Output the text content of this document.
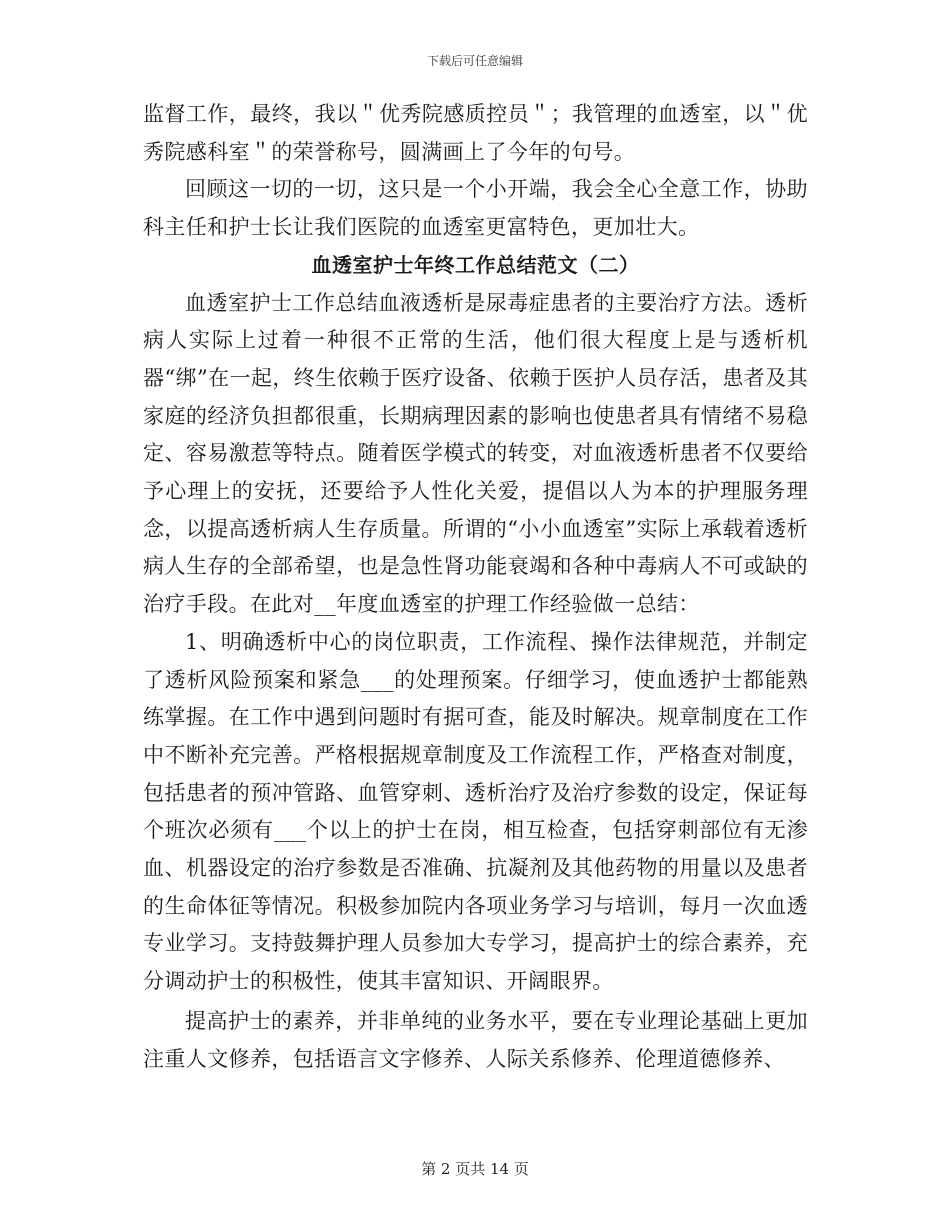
下载后可任意编辑

监督工作，最终，我以＂优秀院感质控员＂；我管理的血透室，以＂优秀院感科室＂的荣誉称号，圆满画上了今年的句号。

回顾这一切的一切，这只是一个小开端，我会全心全意工作，协助科主任和护士长让我们医院的血透室更富特色，更加壮大。

血透室护士年终工作总结范文（二）

血透室护士工作总结血液透析是尿毒症患者的主要治疗方法。透析病人实际上过着一种很不正常的生活，他们很大程度上是与透析机器“绑”在一起，终生依赖于医疗设备、依赖于医护人员存活，患者及其家庭的经济负担都很重，长期病理因素的影响也使患者具有情绪不易稳定、容易激惹等特点。随着医学模式的转变，对血液透析患者不仅要给予心理上的安抚，还要给予人性化关爱，提倡以人为本的护理服务理念，以提高透析病人生存质量。所谓的“小小血透室”实际上承载着透析病人生存的全部希望，也是急性肾功能衰竭和各种中毒病人不可或缺的治疗手段。在此对__年度血透室的护理工作经验做一总结：

1、明确透析中心的岗位职责，工作流程、操作法律规范，并制定了透析风险预案和紧急___的处理预案。仔细学习，使血透护士都能熟练掌握。在工作中遇到问题时有据可查，能及时解决。规章制度在工作中不断补充完善。严格根据规章制度及工作流程工作，严格查对制度，包括患者的预冲管路、血管穿刺、透析治疗及治疗参数的设定，保证每个班次必须有___个以上的护士在岗，相互检查，包括穿刺部位有无渗血、机器设定的治疗参数是否准确、抗凝剂及其他药物的用量以及患者的生命体征等情况。积极参加院内各项业务学习与培训，每月一次血透专业学习。支持鼓舞护理人员参加大专学习，提高护士的综合素养，充分调动护士的积极性，使其丰富知识、开阔眼界。

提高护士的素养，并非单纯的业务水平，要在专业理论基础上更加注重人文修养，包括语言文字修养、人际关系修养、伦理道德修养、

第 2 页共 14 页
